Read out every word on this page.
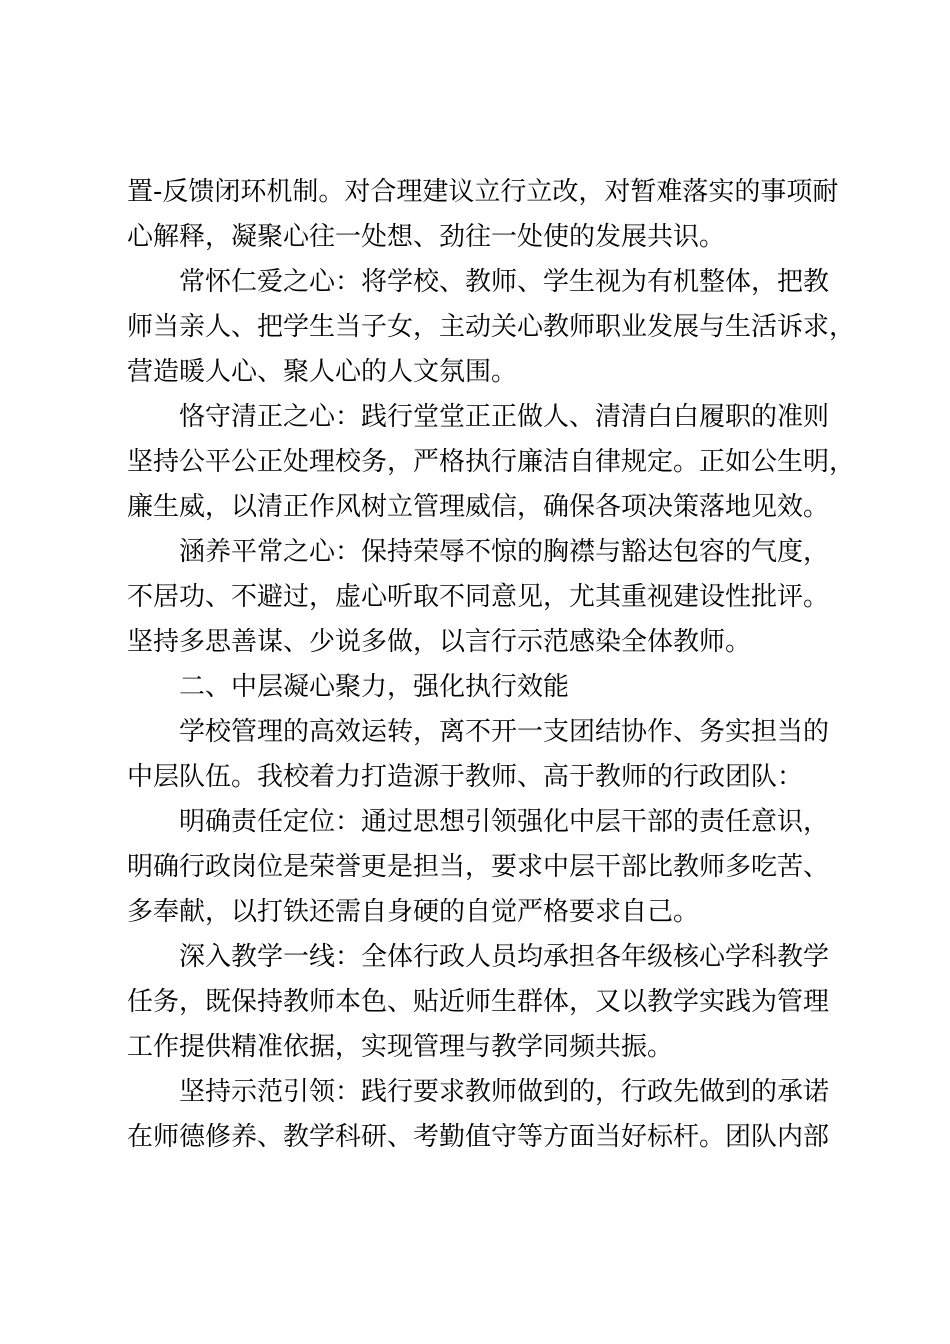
置-反馈闭环机制。对合理建议立行立改，对暂难落实的事项耐
心解释，凝聚心往一处想、劲往一处使的发展共识。
常怀仁爱之心：将学校、教师、学生视为有机整体，把教
师当亲人、把学生当子女，主动关心教师职业发展与生活诉求，
营造暖人心、聚人心的人文氛围。
恪守清正之心：践行堂堂正正做人、清清白白履职的准则
坚持公平公正处理校务，严格执行廉洁自律规定。正如公生明，
廉生威，以清正作风树立管理威信，确保各项决策落地见效。
涵养平常之心：保持荣辱不惊的胸襟与豁达包容的气度，
不居功、不避过，虚心听取不同意见，尤其重视建设性批评。
坚持多思善谋、少说多做，以言行示范感染全体教师。
二、中层凝心聚力，强化执行效能
学校管理的高效运转，离不开一支团结协作、务实担当的
中层队伍。我校着力打造源于教师、高于教师的行政团队：
明确责任定位：通过思想引领强化中层干部的责任意识，
明确行政岗位是荣誉更是担当，要求中层干部比教师多吃苦、
多奉献，以打铁还需自身硬的自觉严格要求自己。
深入教学一线：全体行政人员均承担各年级核心学科教学
任务，既保持教师本色、贴近师生群体，又以教学实践为管理
工作提供精准依据，实现管理与教学同频共振。
坚持示范引领：践行要求教师做到的，行政先做到的承诺
在师德修养、教学科研、考勤值守等方面当好标杆。团队内部
